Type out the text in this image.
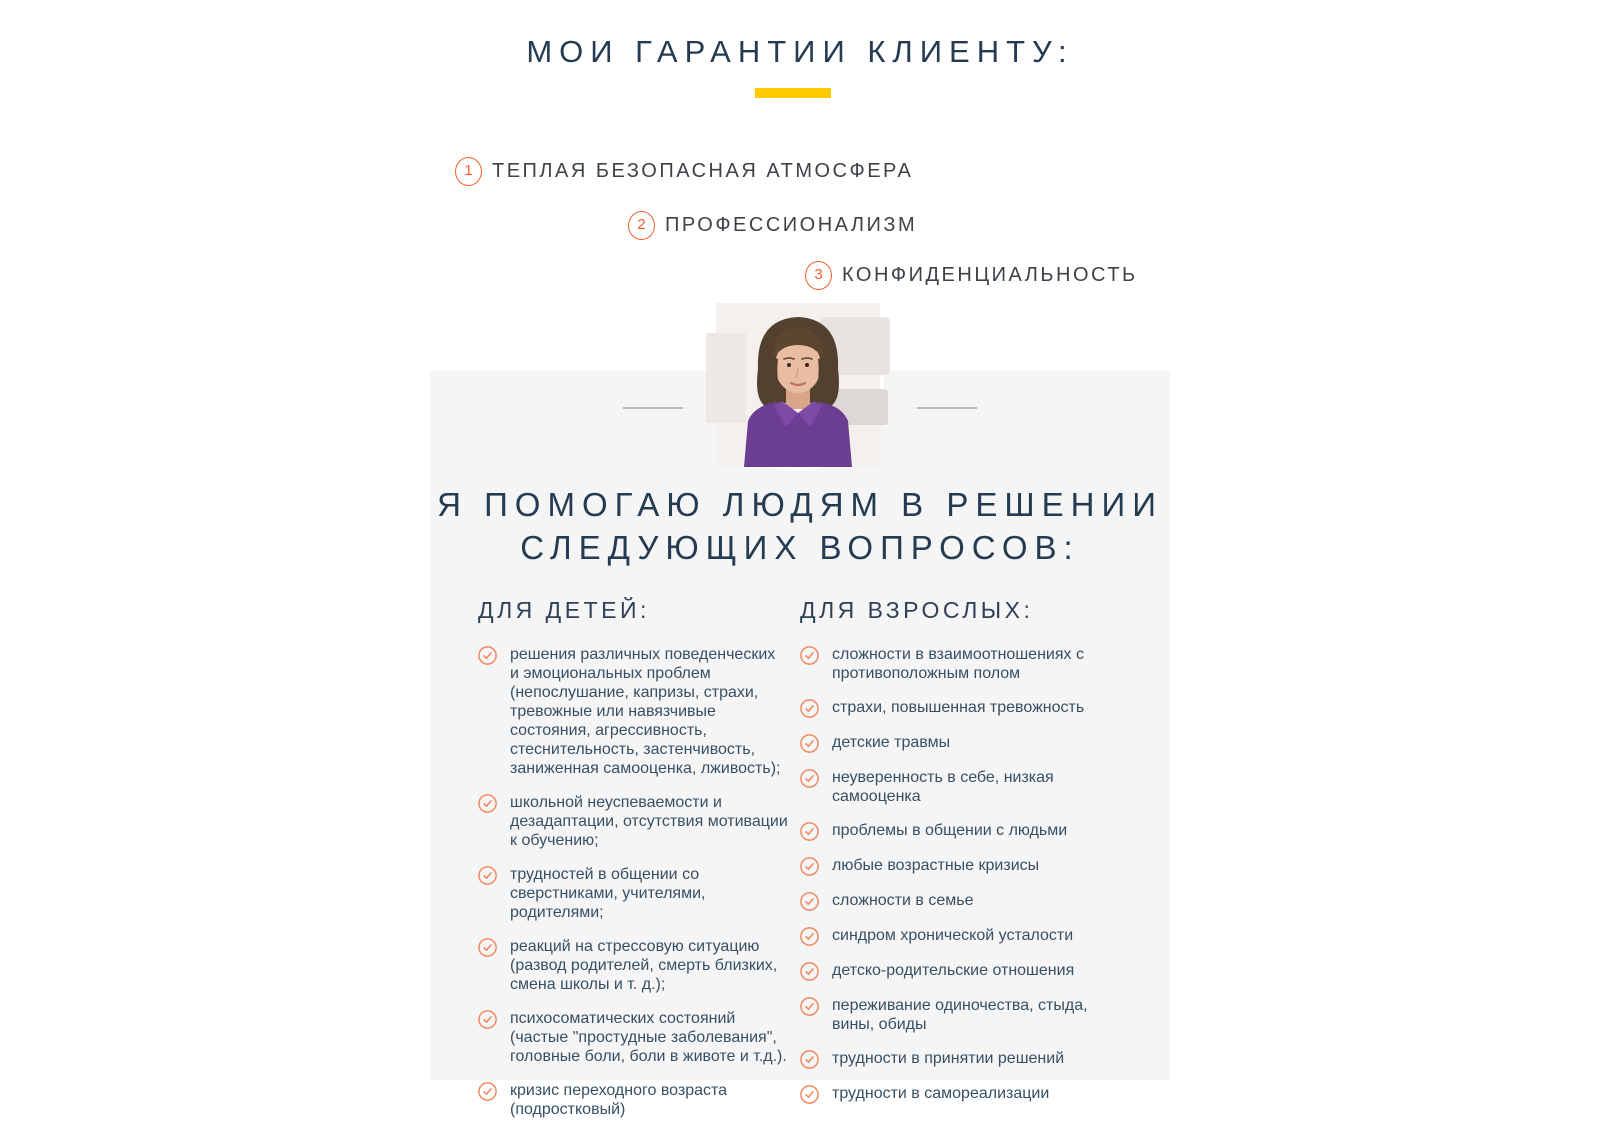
МОИ ГАРАНТИИ КЛИЕНТУ:
1 ТЕПЛАЯ БЕЗОПАСНАЯ АТМОСФЕРА
2 ПРОФЕССИОНАЛИЗМ
3 КОНФИДЕНЦИАЛЬНОСТЬ
Я ПОМОГАЮ ЛЮДЯМ В РЕШЕНИИ
СЛЕДУЮЩИХ ВОПРОСОВ:
ДЛЯ ДЕТЕЙ:
решения различных поведенческих и эмоциональных проблем (непослушание, капризы, страхи, тревожные или навязчивые состояния, агрессивность, стеснительность, застенчивость, заниженная самооценка, лживость);
школьной неуспеваемости и дезадаптации, отсутствия мотивации к обучению;
трудностей в общении со сверстниками, учителями, родителями;
реакций на стрессовую ситуацию (развод родителей, смерть близких, смена школы и т. д.);
психосоматических состояний (частые "простудные заболевания", головные боли, боли в животе и т.д.).
кризис переходного возраста (подростковый)
ДЛЯ ВЗРОСЛЫХ:
сложности в взаимоотношениях с противоположным полом
страхи, повышенная тревожность
детские травмы
неуверенность в себе, низкая самооценка
проблемы в общении с людьми
любые возрастные кризисы
сложности в семье
синдром хронической усталости
детско-родительские отношения
переживание одиночества, стыда, вины, обиды
трудности в принятии решений
трудности в самореализации
